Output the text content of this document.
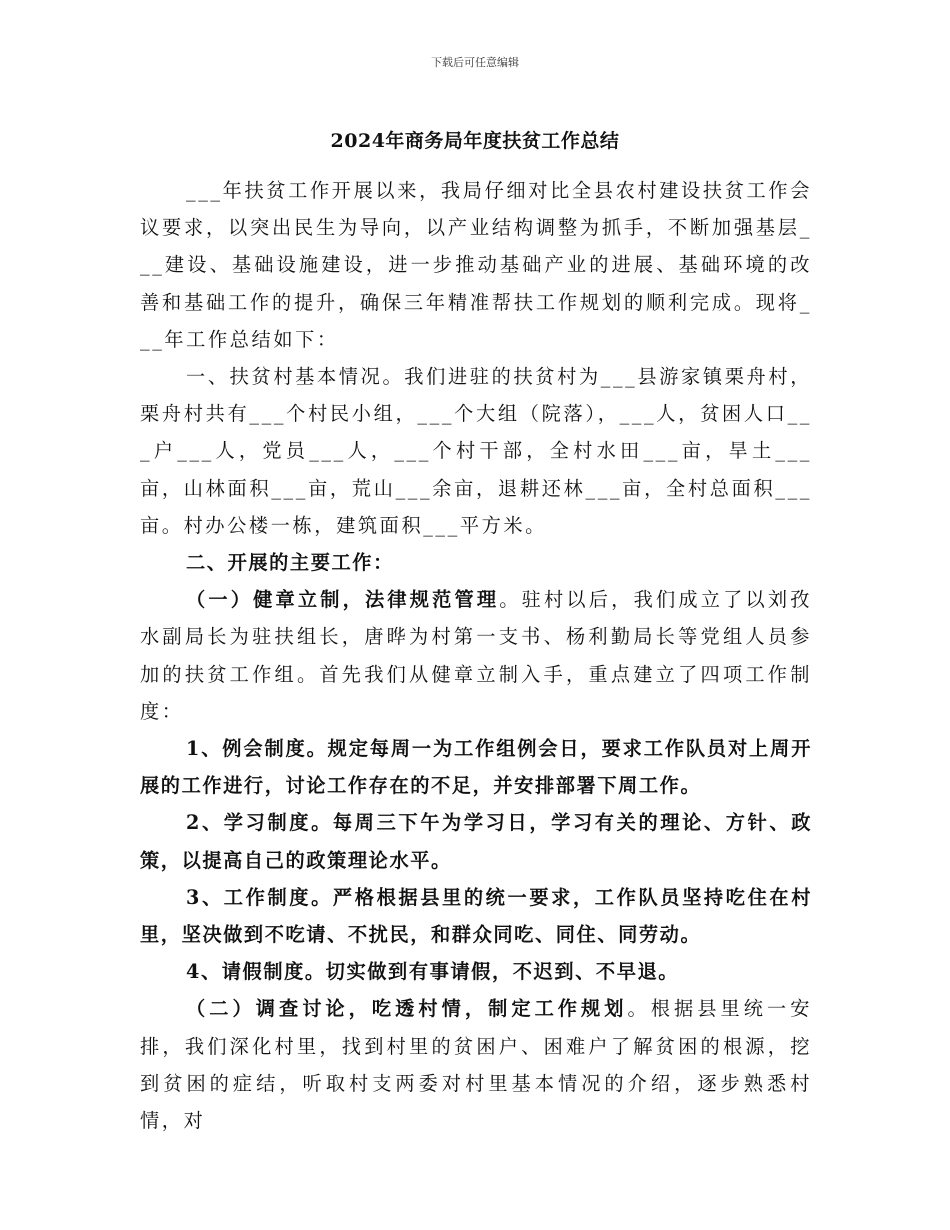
下载后可任意编辑
2024年商务局年度扶贫工作总结

___年扶贫工作开展以来，我局仔细对比全县农村建设扶贫工作会议要求，以突出民生为导向，以产业结构调整为抓手，不断加强基层___建设、基础设施建设，进一步推动基础产业的进展、基础环境的改善和基础工作的提升，确保三年精准帮扶工作规划的顺利完成。现将___年工作总结如下：

一、扶贫村基本情况。我们进驻的扶贫村为___县游家镇栗舟村，栗舟村共有___个村民小组，___个大组（院落），___人，贫困人口___户___人，党员___人，___个村干部，全村水田___亩，旱土___亩，山林面积___亩，荒山___余亩，退耕还林___亩，全村总面积___亩。村办公楼一栋，建筑面积___平方米。

二、开展的主要工作：

（一）健章立制，法律规范管理。驻村以后，我们成立了以刘孜水副局长为驻扶组长，唐晔为村第一支书、杨利勤局长等党组人员参加的扶贫工作组。首先我们从健章立制入手，重点建立了四项工作制度：

1、例会制度。规定每周一为工作组例会日，要求工作队员对上周开展的工作进行，讨论工作存在的不足，并安排部署下周工作。

2、学习制度。每周三下午为学习日，学习有关的理论、方针、政策，以提高自己的政策理论水平。

3、工作制度。严格根据县里的统一要求，工作队员坚持吃住在村里，坚决做到不吃请、不扰民，和群众同吃、同住、同劳动。

4、请假制度。切实做到有事请假，不迟到、不早退。

（二）调查讨论，吃透村情，制定工作规划。根据县里统一安排，我们深化村里，找到村里的贫困户、困难户了解贫困的根源，挖到贫困的症结，听取村支两委对村里基本情况的介绍，逐步熟悉村情，对
